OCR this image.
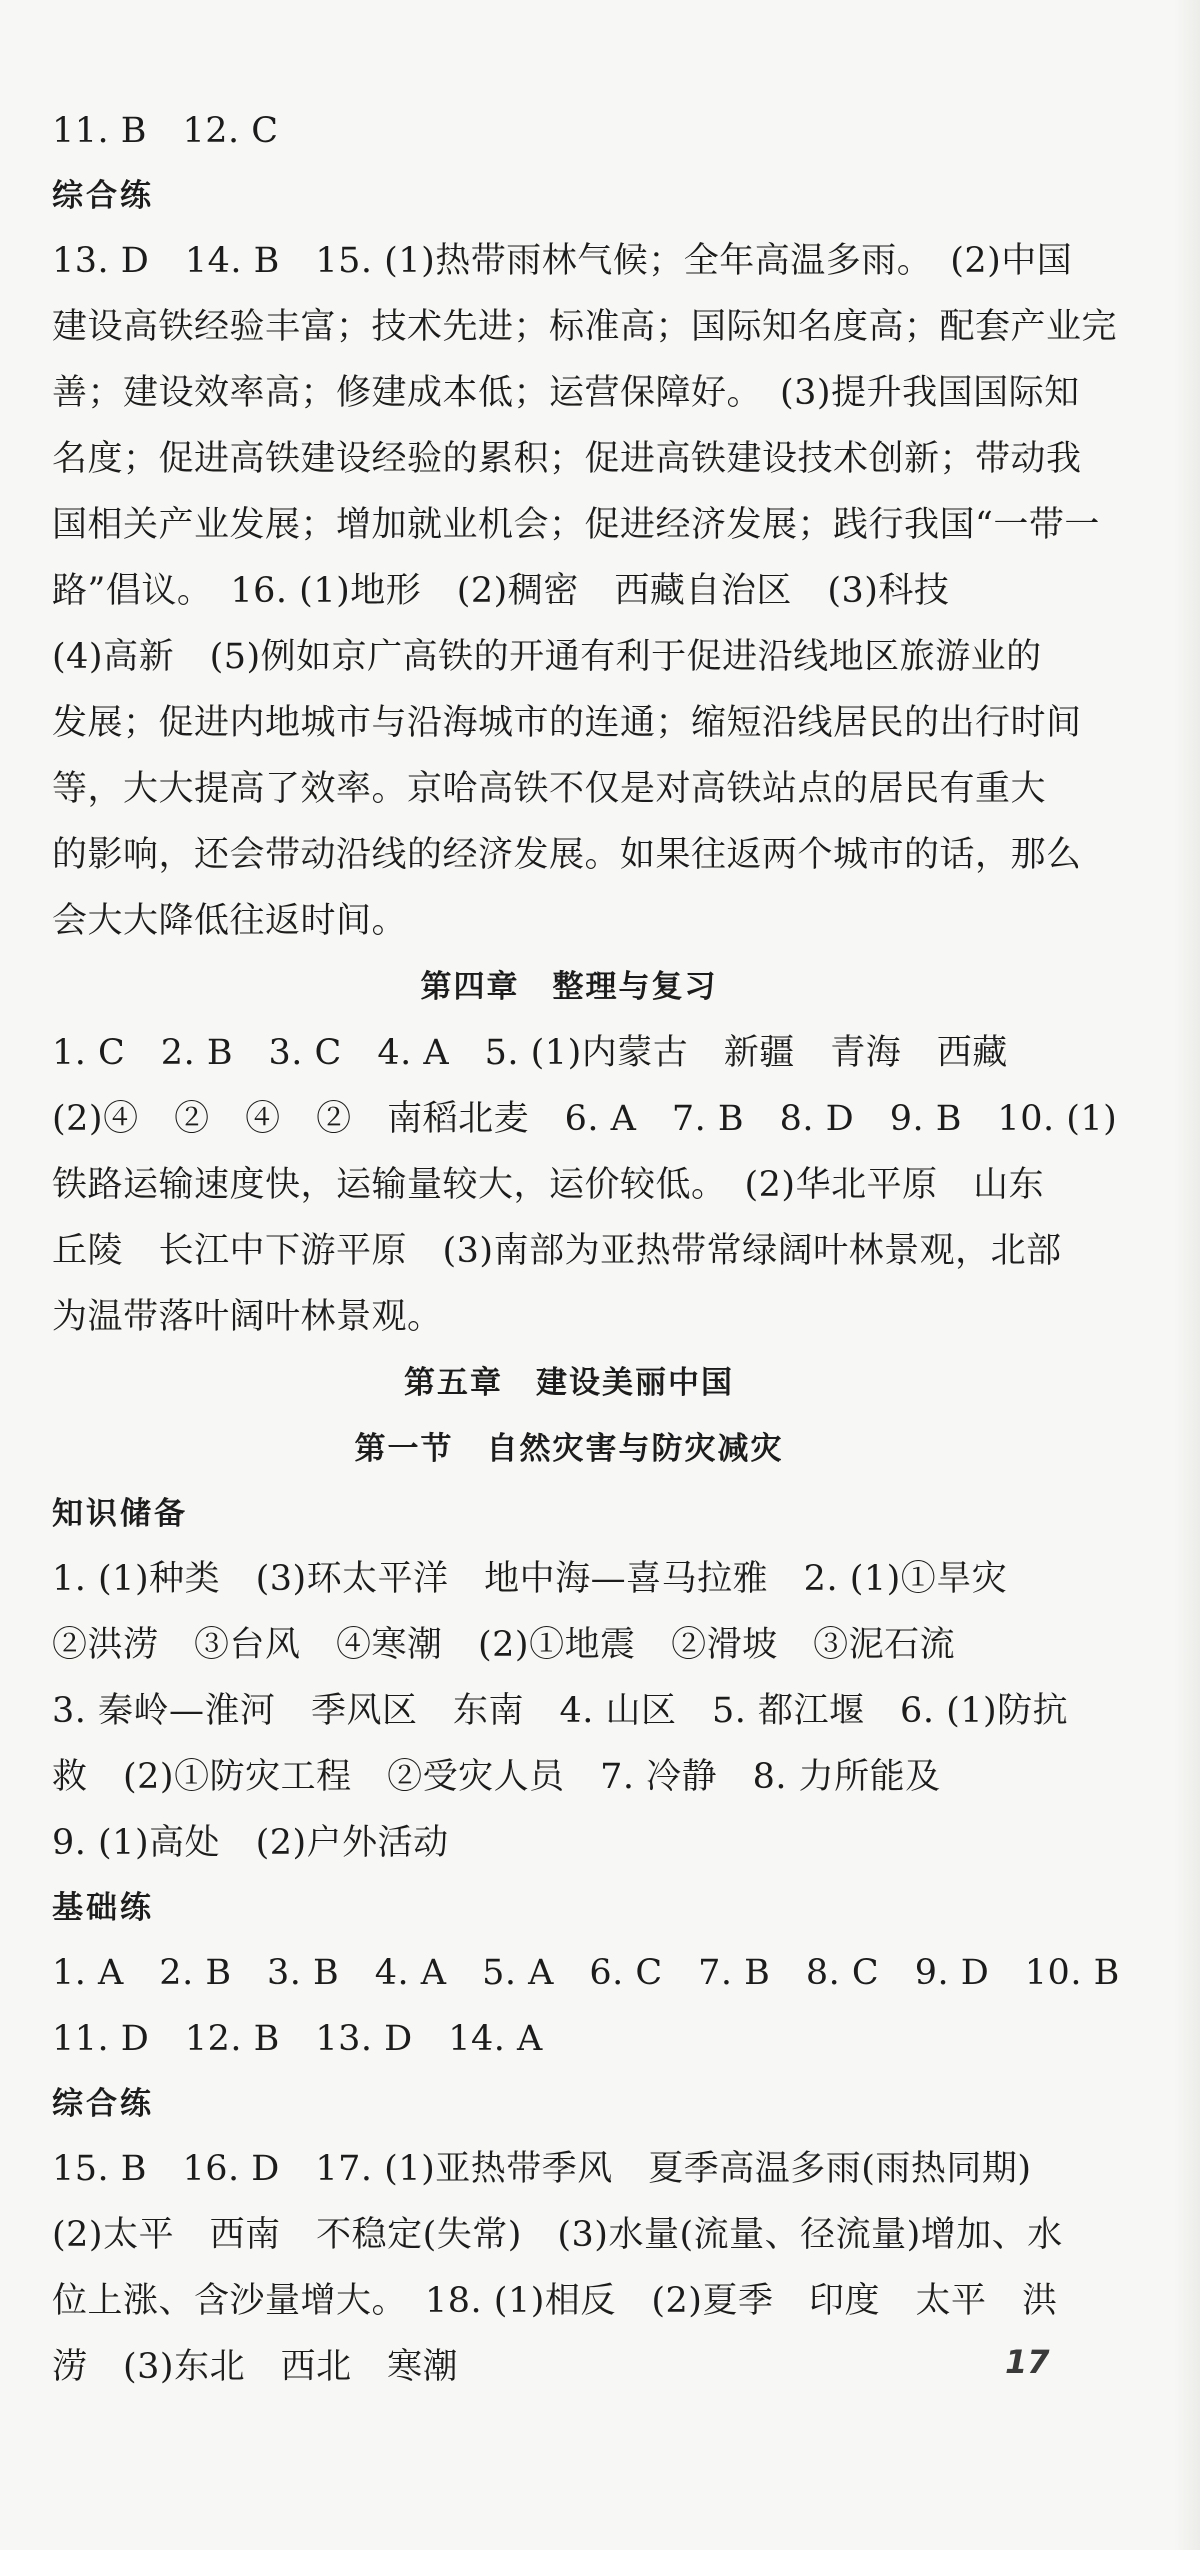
11. B　12. C
综合练
13. D　14. B　15. (1)热带雨林气候；全年高温多雨。　(2)中国
建设高铁经验丰富；技术先进；标准高；国际知名度高；配套产业完
善；建设效率高；修建成本低；运营保障好。　(3)提升我国国际知
名度；促进高铁建设经验的累积；促进高铁建设技术创新；带动我
国相关产业发展；增加就业机会；促进经济发展；践行我国“一带一
路”倡议。　16. (1)地形　(2)稠密　西藏自治区　(3)科技
(4)高新　(5)例如京广高铁的开通有利于促进沿线地区旅游业的
发展；促进内地城市与沿海城市的连通；缩短沿线居民的出行时间
等，大大提高了效率。京哈高铁不仅是对高铁站点的居民有重大
的影响，还会带动沿线的经济发展。如果往返两个城市的话，那么
会大大降低往返时间。
第四章　整理与复习
1. C　2. B　3. C　4. A　5. (1)内蒙古　新疆　青海　西藏
(2)④　②　④　②　南稻北麦　6. A　7. B　8. D　9. B　10. (1)
铁路运输速度快，运输量较大，运价较低。　(2)华北平原　山东
丘陵　长江中下游平原　(3)南部为亚热带常绿阔叶林景观，北部
为温带落叶阔叶林景观。
第五章　建设美丽中国
第一节　自然灾害与防灾减灾
知识储备
1. (1)种类　(3)环太平洋　地中海—喜马拉雅　2. (1)①旱灾
②洪涝　③台风　④寒潮　(2)①地震　②滑坡　③泥石流
3. 秦岭—淮河　季风区　东南　4. 山区　5. 都江堰　6. (1)防抗
救　(2)①防灾工程　②受灾人员　7. 冷静　8. 力所能及
9. (1)高处　(2)户外活动
基础练
1. A　2. B　3. B　4. A　5. A　6. C　7. B　8. C　9. D　10. B
11. D　12. B　13. D　14. A
综合练
15. B　16. D　17. (1)亚热带季风　夏季高温多雨(雨热同期)
(2)太平　西南　不稳定(失常)　(3)水量(流量、径流量)增加、水
位上涨、含沙量增大。　18. (1)相反　(2)夏季　印度　太平　洪
涝　(3)东北　西北　寒潮	17
